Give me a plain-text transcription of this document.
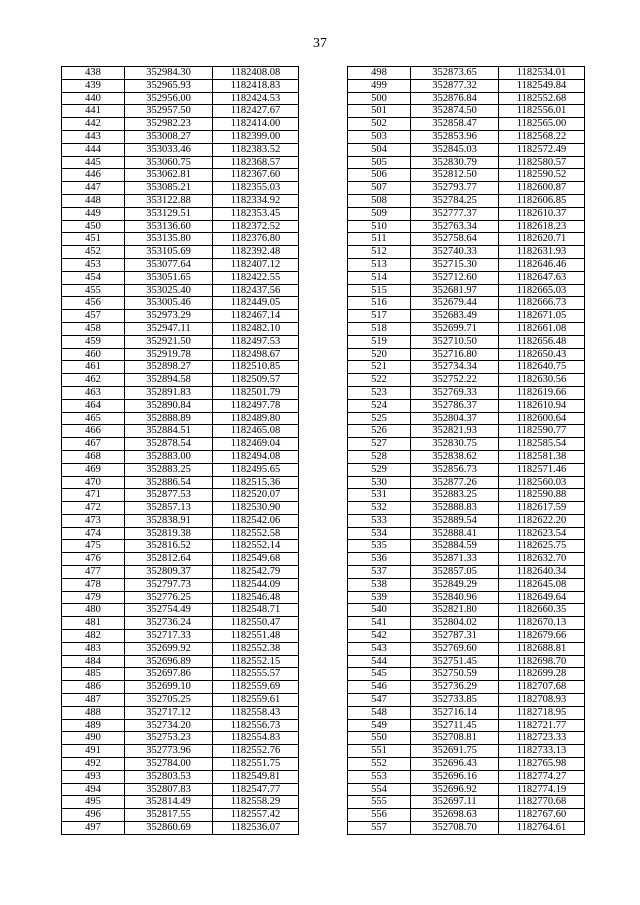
37
438	352984.30	1182408.08
439	352965.93	1182418.83
440	352956.00	1182424.53
441	352957.50	1182427.67
442	352982.23	1182414.00
443	353008.27	1182399.00
444	353033.46	1182383.52
445	353060.75	1182368.57
446	353062.81	1182367.60
447	353085.21	1182355.03
448	353122.88	1182334.92
449	353129.51	1182353.45
450	353136.60	1182372.52
451	353135.80	1182376.80
452	353105.69	1182392.48
453	353077.64	1182407.12
454	353051.65	1182422.55
455	353025.40	1182437.56
456	353005.46	1182449.05
457	352973.29	1182467.14
458	352947.11	1182482.10
459	352921.50	1182497.53
460	352919.78	1182498.67
461	352898.27	1182510.85
462	352894.58	1182509.57
463	352891.83	1182501.79
464	352890.84	1182497.78
465	352888.89	1182489.80
466	352884.51	1182465.08
467	352878.54	1182469.04
468	352883.00	1182494.08
469	352883.25	1182495.65
470	352886.54	1182515.36
471	352877.53	1182520.07
472	352857.13	1182530.90
473	352838.91	1182542.06
474	352819.38	1182552.58
475	352816.52	1182552.14
476	352812.64	1182549.68
477	352809.37	1182542.79
478	352797.73	1182544.09
479	352776.25	1182546.48
480	352754.49	1182548.71
481	352736.24	1182550.47
482	352717.33	1182551.48
483	352699.92	1182552.38
484	352696.89	1182552.15
485	352697.86	1182555.57
486	352699.10	1182559.69
487	352705.25	1182559.61
488	352717.12	1182558.43
489	352734.20	1182556.73
490	352753.23	1182554.83
491	352773.96	1182552.76
492	352784.00	1182551.75
493	352803.53	1182549.81
494	352807.83	1182547.77
495	352814.49	1182558.29
496	352817.55	1182557.42
497	352860.69	1182536.07
498	352873.65	1182534.01
499	352877.32	1182549.84
500	352876.84	1182552.68
501	352874.50	1182556.01
502	352858.47	1182565.00
503	352853.96	1182568.22
504	352845.03	1182572.49
505	352830.79	1182580.57
506	352812.50	1182590.52
507	352793.77	1182600.87
508	352784.25	1182606.85
509	352777.37	1182610.37
510	352763.34	1182618.23
511	352758.64	1182620.71
512	352740.33	1182631.93
513	352715.30	1182646.46
514	352712.60	1182647.63
515	352681.97	1182665.03
516	352679.44	1182666.73
517	352683.49	1182671.05
518	352699.71	1182661.08
519	352710.50	1182656.48
520	352716.80	1182650.43
521	352734.34	1182640.75
522	352752.22	1182630.56
523	352769.33	1182619.66
524	352786.37	1182610.94
525	352804.37	1182600.64
526	352821.93	1182590.77
527	352830.75	1182585.54
528	352838.62	1182581.38
529	352856.73	1182571.46
530	352877.26	1182560.03
531	352883.25	1182590.88
532	352888.83	1182617.59
533	352889.54	1182622.20
534	352888.41	1182623.54
535	352884.59	1182625.75
536	352871.33	1182632.70
537	352857.05	1182640.34
538	352849.29	1182645.08
539	352840.96	1182649.64
540	352821.80	1182660.35
541	352804.02	1182670.13
542	352787.31	1182679.66
543	352769.60	1182688.81
544	352751.45	1182698.70
545	352750.59	1182699.28
546	352736.29	1182707.68
547	352733.85	1182708.93
548	352716.14	1182718.95
549	352711.45	1182721.77
550	352708.81	1182723.33
551	352691.75	1182733.13
552	352696.43	1182765.98
553	352696.16	1182774.27
554	352696.92	1182774.19
555	352697.11	1182770.68
556	352698.63	1182767.60
557	352708.70	1182764.61
